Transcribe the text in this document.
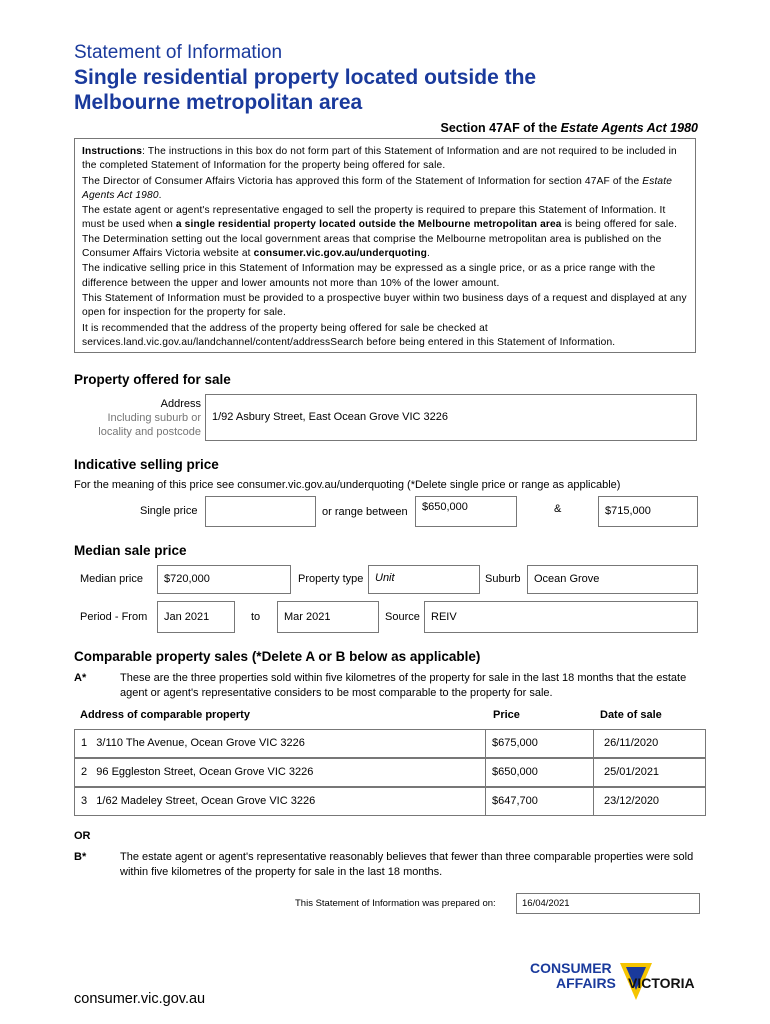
Statement of Information
Single residential property located outside the
Melbourne metropolitan area
Section 47AF of the Estate Agents Act 1980

Instructions: The instructions in this box do not form part of this Statement of Information and are not required to be included in the completed Statement of Information for the property being offered for sale.

The Director of Consumer Affairs Victoria has approved this form of the Statement of Information for section 47AF of the Estate Agents Act 1980.

The estate agent or agent's representative engaged to sell the property is required to prepare this Statement of Information. It must be used when a single residential property located outside the Melbourne metropolitan area is being offered for sale. The Determination setting out the local government areas that comprise the Melbourne metropolitan area is published on the Consumer Affairs Victoria website at consumer.vic.gov.au/underquoting.

The indicative selling price in this Statement of Information may be expressed as a single price, or as a price range with the difference between the upper and lower amounts not more than 10% of the lower amount.

This Statement of Information must be provided to a prospective buyer within two business days of a request and displayed at any open for inspection for the property for sale.

It is recommended that the address of the property being offered for sale be checked at services.land.vic.gov.au/landchannel/content/addressSearch before being entered in this Statement of Information.

Property offered for sale
Address
Including suburb or
locality and postcode
1/92 Asbury Street, East Ocean Grove VIC 3226
Indicative selling price
For the meaning of this price see consumer.vic.gov.au/underquoting (*Delete single price or range as applicable)
Single price	or range between	$650,000	&	$715,000
Median sale price
Median price	$720,000	Property type	Unit	Suburb	Ocean Grove
Period - From	Jan 2021	to	Mar 2021	Source	REIV
Comparable property sales (*Delete A or B below as applicable)
A*	These are the three properties sold within five kilometres of the property for sale in the last 18 months that the estate agent or agent's representative considers to be most comparable to the property for sale.
Address of comparable property	Price	Date of sale
1 3/110 The Avenue, Ocean Grove VIC 3226	$675,000	26/11/2020
2 96 Eggleston Street, Ocean Grove VIC 3226	$650,000	25/01/2021
3 1/62 Madeley Street, Ocean Grove VIC 3226	$647,700	23/12/2020
OR
B*	The estate agent or agent's representative reasonably believes that fewer than three comparable properties were sold within five kilometres of the property for sale in the last 18 months.
This Statement of Information was prepared on:	16/04/2021
CONSUMER
AFFAIRS VICTORIA
consumer.vic.gov.au
